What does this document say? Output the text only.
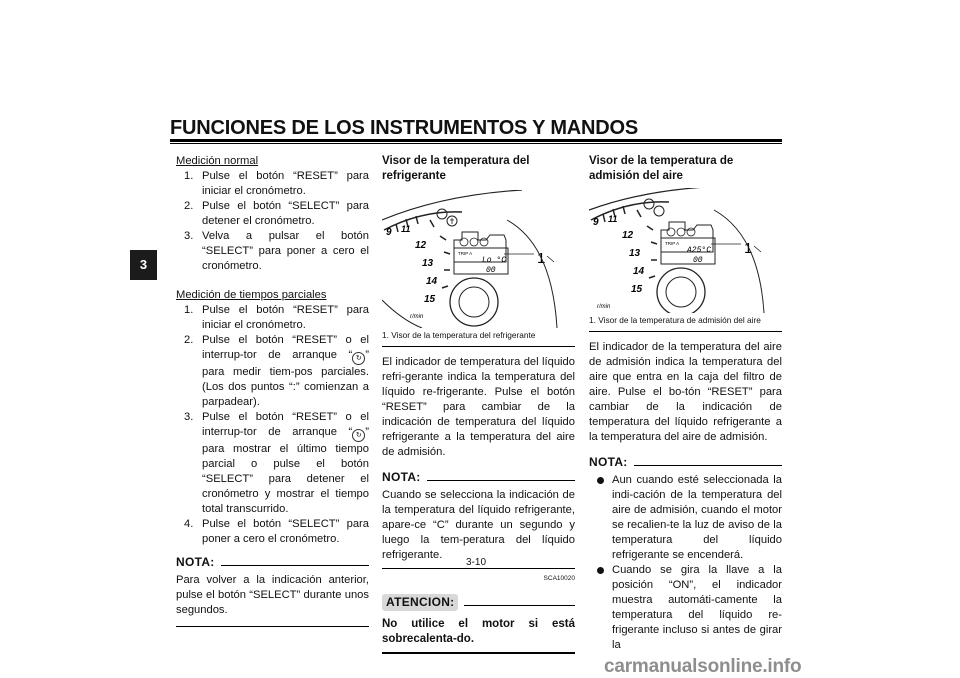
FUNCIONES DE LOS INSTRUMENTOS Y MANDOS
3
Medición normal
1. Pulse el botón “RESET” para iniciar el cronómetro.
2. Pulse el botón “SELECT” para detener el cronómetro.
3. Velva a pulsar el botón “SELECT” para poner a cero el cronómetro.
Medición de tiempos parciales
1. Pulse el botón “RESET” para iniciar el cronómetro.
2. Pulse el botón “RESET” o el interrup-tor de arranque “ ↻ ” para medir tiem-pos parciales. (Los dos puntos “:” comienzan a parpadear).
3. Pulse el botón “RESET” o el interrup-tor de arranque “ ↻ ” para mostrar el último tiempo parcial o pulse el botón “SELECT” para detener el cronómetro y mostrar el tiempo total transcurrido.
4. Pulse el botón “SELECT” para poner a cero el cronómetro.
NOTA:
Para volver a la indicación anterior, pulse el botón “SELECT” durante unos segundos.
Visor de la temperatura del refrigerante
9 11
12
13
14
15
r/min
TRIP A
Lo °C
00
1
1. Visor de la temperatura del refrigerante
El indicador de temperatura del líquido refri-gerante indica la temperatura del líquido re-frigerante. Pulse el botón “RESET” para cambiar de la indicación de temperatura del líquido refrigerante a la temperatura del aire de admisión.
NOTA:
Cuando se selecciona la indicación de la temperatura del líquido refrigerante, apare-ce “C” durante un segundo y luego la tem-peratura del líquido refrigerante.
SCA10020
ATENCION:
No utilice el motor si está sobrecalenta-do.
Visor de la temperatura de admisión del aire
9 11
12
13
14
15
r/min
TRIP A
A25°C
00
1
1. Visor de la temperatura de admisión del aire
El indicador de la temperatura del aire de admisión indica la temperatura del aire que entra en la caja del filtro de aire. Pulse el bo-tón “RESET” para cambiar de la indicación de temperatura del líquido refrigerante a la temperatura del aire de admisión.
NOTA:
Aun cuando esté seleccionada la indi-cación de la temperatura del aire de admisión, cuando el motor se recalien-te la luz de aviso de la temperatura del líquido refrigerante se encenderá.
Cuando se gira la llave a la posición “ON”, el indicador muestra automáti-camente la temperatura del líquido re-frigerante incluso si antes de girar la
3-10
carmanualsonline.info
